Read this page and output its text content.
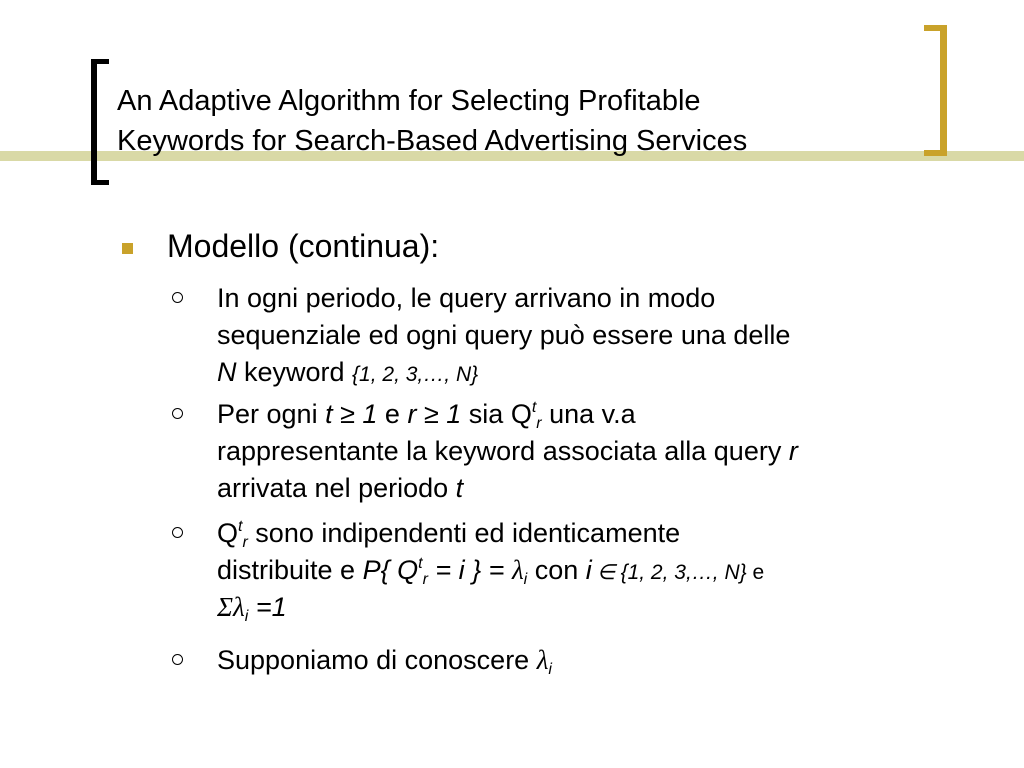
An Adaptive Algorithm for Selecting Profitable
Keywords for Search-Based Advertising Services
Modello (continua):
In ogni periodo, le query arrivano in modo
sequenziale ed ogni query può essere una delle
N keyword {1, 2, 3,…, N}
Per ogni t ≥ 1 e r ≥ 1 sia $Q^t_r$ una v.a
rappresentante la keyword associata alla query r
arrivata nel periodo t
$Q^t_r$ sono indipendenti ed identicamente
distribuite e P{ $Q^t_r = i$ } = $\lambda_i$ con i ∈ {1, 2, 3,…, N} e
$\Sigma\lambda_i =1$
Supponiamo di conoscere $\lambda_i$
